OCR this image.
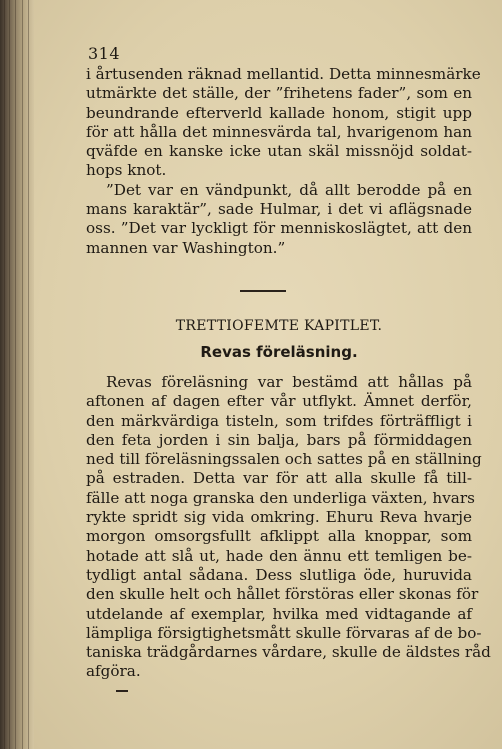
314
i årtusenden räknad mellantid. Detta minnesmärke
utmärkte det ställe, der ”frihetens fader”, som en
beundrande efterverld kallade honom, stigit upp
för att hålla det minnesvärda tal, hvarigenom han
qväfde en kanske icke utan skäl missnöjd soldat-
hops knot.
”Det var en vändpunkt, då allt berodde på en
mans karaktär”, sade Hulmar, i det vi aflägsnade
oss. ”Det var lyckligt för menniskoslägtet, att den
mannen var Washington.”
TRETTIOFEMTE KAPITLET.
Revas föreläsning.
Revas föreläsning var bestämd att hållas på
aftonen af dagen efter vår utflykt. Ämnet derför,
den märkvärdiga tisteln, som trifdes förträffligt i
den feta jorden i sin balja, bars på förmiddagen
ned till föreläsningssalen och sattes på en ställning
på estraden. Detta var för att alla skulle få till-
fälle att noga granska den underliga växten, hvars
rykte spridt sig vida omkring. Ehuru Reva hvarje
morgon omsorgsfullt afklippt alla knoppar, som
hotade att slå ut, hade den ännu ett temligen be-
tydligt antal sådana. Dess slutliga öde, huruvida
den skulle helt och hållet förstöras eller skonas för
utdelande af exemplar, hvilka med vidtagande af
lämpliga försigtighetsmått skulle förvaras af de bo-
taniska trädgårdarnes vårdare, skulle de äldstes råd
afgöra.
